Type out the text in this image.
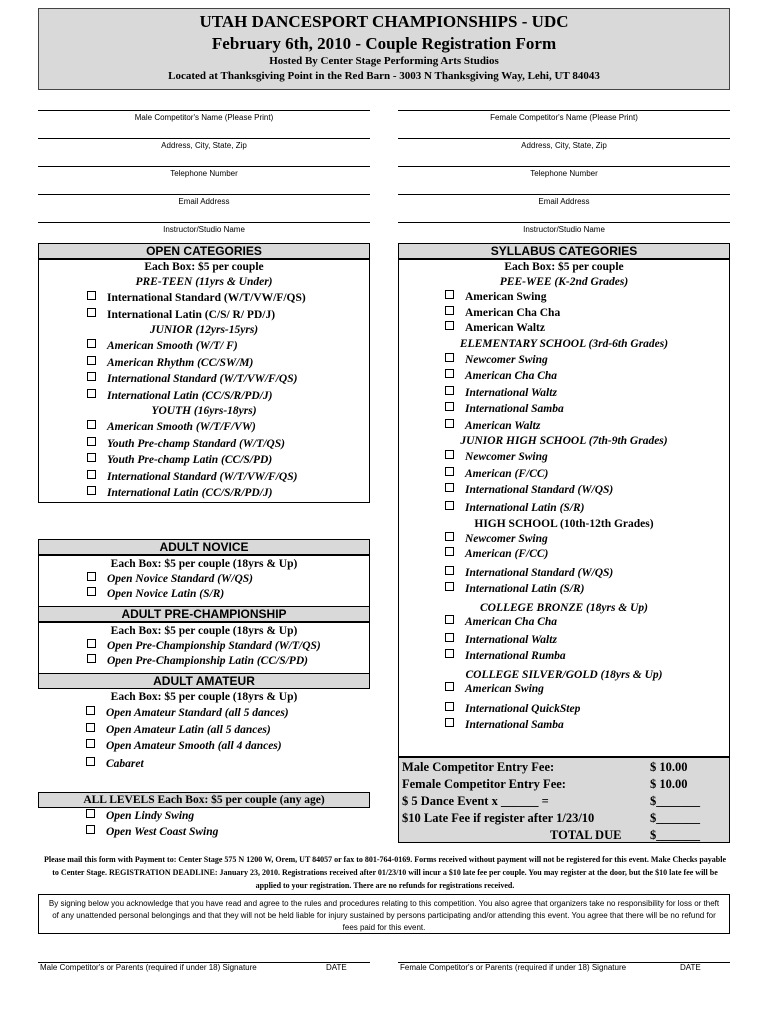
UTAH DANCESPORT CHAMPIONSHIPS - UDC
February 6th, 2010 - Couple Registration Form
Hosted By Center Stage Performing Arts Studios
Located at Thanksgiving Point in the Red Barn - 3003 N Thanksgiving Way, Lehi, UT 84043
Male Competitor's Name (Please Print)	Female Competitor's Name (Please Print)
Address, City, State, Zip	Address, City, State, Zip
Telephone Number	Telephone Number
Email Address	Email Address
Instructor/Studio Name	Instructor/Studio Name
OPEN CATEGORIES
Each Box: $5 per couple
PRE-TEEN (11yrs & Under)
International Standard (W/T/VW/F/QS)
International Latin (C/S/ R/ PD/J)
JUNIOR (12yrs-15yrs)
American Smooth (W/T/ F)
American Rhythm (CC/SW/M)
International Standard (W/T/VW/F/QS)
International Latin (CC/S/R/PD/J)
YOUTH (16yrs-18yrs)
American Smooth (W/T/F/VW)
Youth Pre-champ Standard (W/T/QS)
Youth Pre-champ Latin (CC/S/PD)
International Standard (W/T/VW/F/QS)
International Latin (CC/S/R/PD/J)
ADULT NOVICE
Each Box: $5 per couple (18yrs & Up)
Open Novice Standard (W/QS)
Open Novice Latin (S/R)
ADULT PRE-CHAMPIONSHIP
Each Box: $5 per couple (18yrs & Up)
Open Pre-Championship Standard (W/T/QS)
Open Pre-Championship Latin (CC/S/PD)
ADULT AMATEUR
Each Box: $5 per couple (18yrs & Up)
Open Amateur Standard (all 5 dances)
Open Amateur Latin (all 5 dances)
Open Amateur Smooth (all 4 dances)
Cabaret
ALL LEVELS Each Box: $5 per couple (any age)
Open Lindy Swing
Open West Coast Swing
SYLLABUS CATEGORIES
Each Box: $5 per couple
PEE-WEE (K-2nd Grades)
American Swing
American Cha Cha
American Waltz
ELEMENTARY SCHOOL (3rd-6th Grades)
Newcomer Swing
American Cha Cha
International Waltz
International Samba
American Waltz
JUNIOR HIGH SCHOOL (7th-9th Grades)
Newcomer Swing
American (F/CC)
International Standard (W/QS)
International Latin (S/R)
HIGH SCHOOL (10th-12th Grades)
Newcomer Swing
American (F/CC)
International Standard (W/QS)
International Latin (S/R)
COLLEGE BRONZE (18yrs & Up)
American Cha Cha
International Waltz
International Rumba
COLLEGE SILVER/GOLD (18yrs & Up)
American Swing
International QuickStep
International Samba
Male Competitor Entry Fee:	$ 10.00
Female Competitor Entry Fee:	$ 10.00
$ 5 Dance Event x ______ =	$_______
$10 Late Fee if register after 1/23/10	$_______
TOTAL DUE $_______

Please mail this form with Payment to: Center Stage 575 N 1200 W, Orem, UT 84057 or fax to 801-764-0169. Forms received without payment will not be registered for this event. Make Checks payable to Center Stage. REGISTRATION DEADLINE: January 23, 2010. Registrations received after 01/23/10 will incur a $10 late fee per couple. You may register at the door, but the $10 late fee will be applied to your registration. There are no refunds for registrations received.
By signing below you acknowledge that you have read and agree to the rules and procedures relating to this competition. You also agree that organizers take no responsibility for loss or theft of any unattended personal belongings and that they will not be held liable for injury sustained by persons participating and/or attending this event. You agree that there will be no refund for fees paid for this event.
Male Competitor's or Parents (required if under 18) Signature	DATE	Female Competitor's or Parents (required if under 18) Signature	DATE
